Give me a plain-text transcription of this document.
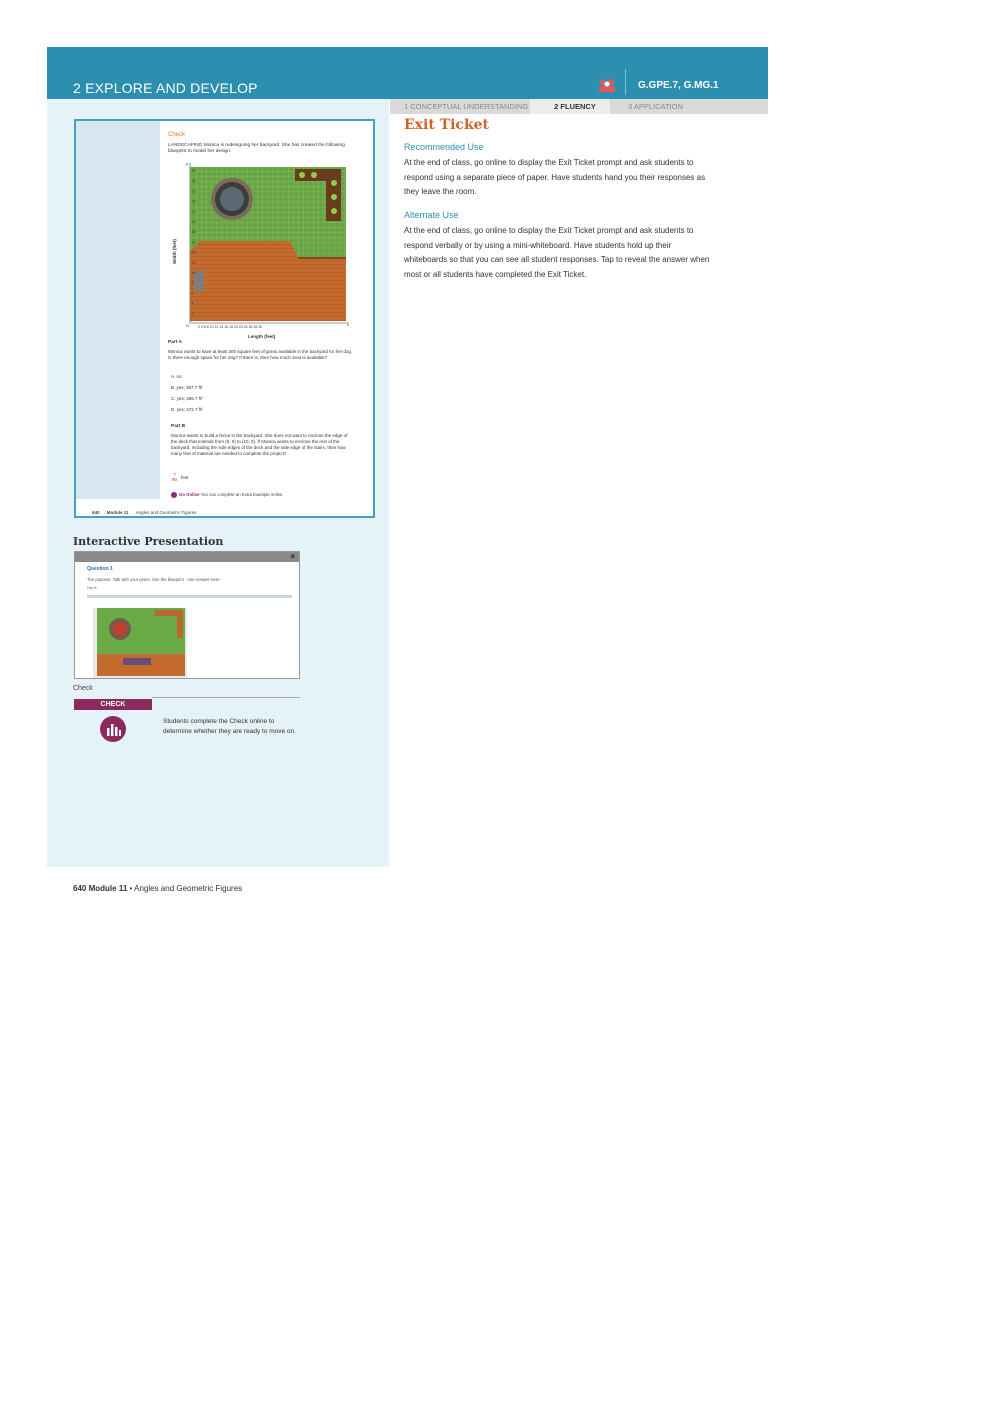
2 EXPLORE AND DEVELOP	G.GPE.7, G.MG.1
1 CONCEPTUAL UNDERSTANDING	2 FLUENCY	3 APPLICATION
Check
LANDSCAPING Monica is redesigning her backyard. She has created the following blueprint to model her design.
y
x
O
30
28
26
24
22
20
18
16
14
12
10
8
6
4
2
2 4 6 8 10 12 14 16 18 20 22 24 26 28 30
Width (feet)
Length (feet)
Part A
Monica wants to have at least 300 square feet of grass available in the backyard for her dog. Is there enough space for her dog? If there is, then how much area is available?
A. no
B. yes; 387.7 ft²
C. yes; 396.7 ft²
D. yes; 472.7 ft²
Part B
Monica wants to build a fence in the backyard. She does not want to enclose the edge of the deck that extends from (0, 0) to (10, 0). If Monica wants to enclose the rest of the backyard, including the side edges of the deck and the side edge of the stairs, then how many feet of material are needed to complete the project?
?
90 feet
Go Online You can complete an Extra Example online.
640 Module 11 Angles and Geometric Figures
Interactive Presentation
×
Question 1
The purpose: Talk with your peers. Use the blueprint · one Answer Here
Part A
Check
CHECK
Students complete the Check online to determine whether they are ready to move on.
640 Module 11 • Angles and Geometric Figures
Exit Ticket
Recommended Use
At the end of class, go online to display the Exit Ticket prompt and ask students to respond using a separate piece of paper. Have students hand you their responses as they leave the room.
Alternate Use
At the end of class, go online to display the Exit Ticket prompt and ask students to respond verbally or by using a mini-whiteboard. Have students hold up their whiteboards so that you can see all student responses. Tap to reveal the answer when most or all students have completed the Exit Ticket.
